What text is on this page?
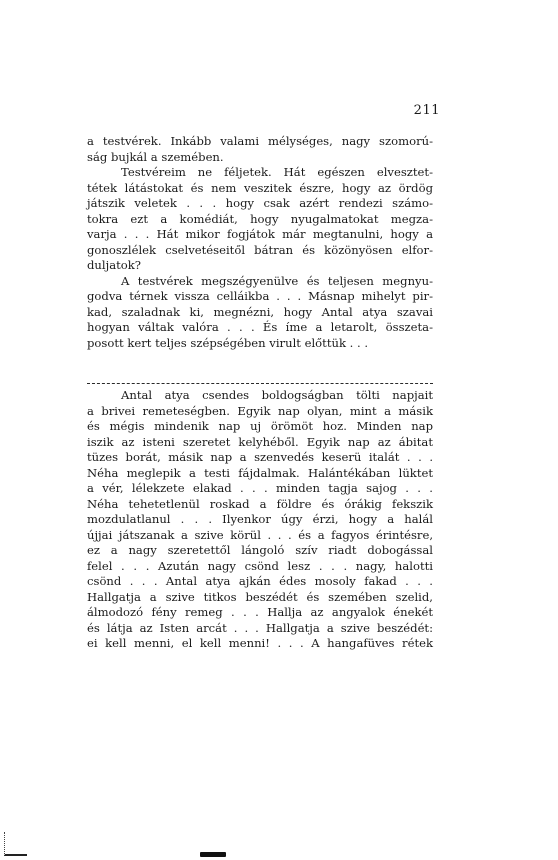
211
a testvérek. Inkább valami mélységes, nagy szomorú-
ság bujkál a szemében.
Testvéreim ne féljetek. Hát egészen elvesztet-
tétek látástokat és nem veszitek észre, hogy az ördög
játszik veletek . . . hogy csak azért rendezi számo-
tokra ezt a komédiát, hogy nyugalmatokat megza-
varja . . . Hát mikor fogjátok már megtanulni, hogy a
gonoszlélek cselvetéseitől bátran és közönyösen elfor-
duljatok?
A testvérek megszégyenülve és teljesen megnyu-
godva térnek vissza celláikba . . . Másnap mihelyt pir-
kad, szaladnak ki, megnézni, hogy Antal atya szavai
hogyan váltak valóra . . . És íme a letarolt, összeta-
posott kert teljes szépségében virult előttük . . .
Antal atya csendes boldogságban tölti napjait
a brivei remeteségben. Egyik nap olyan, mint a másik
és mégis mindenik nap uj örömöt hoz. Minden nap
iszik az isteni szeretet kelyhéből. Egyik nap az ábitat
tüzes borát, másik nap a szenvedés keserü italát . . .
Néha meglepik a testi fájdalmak. Halántékában lüktet
a vér, lélekzete elakad . . . minden tagja sajog . . .
Néha tehetetlenül roskad a földre és órákig fekszik
mozdulatlanul . . . Ilyenkor úgy érzi, hogy a halál
újjai játszanak a szive körül . . . és a fagyos érintésre,
ez a nagy szeretettől lángoló szív riadt dobogással
felel . . . Azután nagy csönd lesz . . . nagy, halotti
csönd . . . Antal atya ajkán édes mosoly fakad . . .
Hallgatja a szive titkos beszédét és szemében szelid,
álmodozó fény remeg . . . Hallja az angyalok énekét
és látja az Isten arcát . . . Hallgatja a szive beszédét:
ei kell menni, el kell menni! . . . A hangafüves rétek
